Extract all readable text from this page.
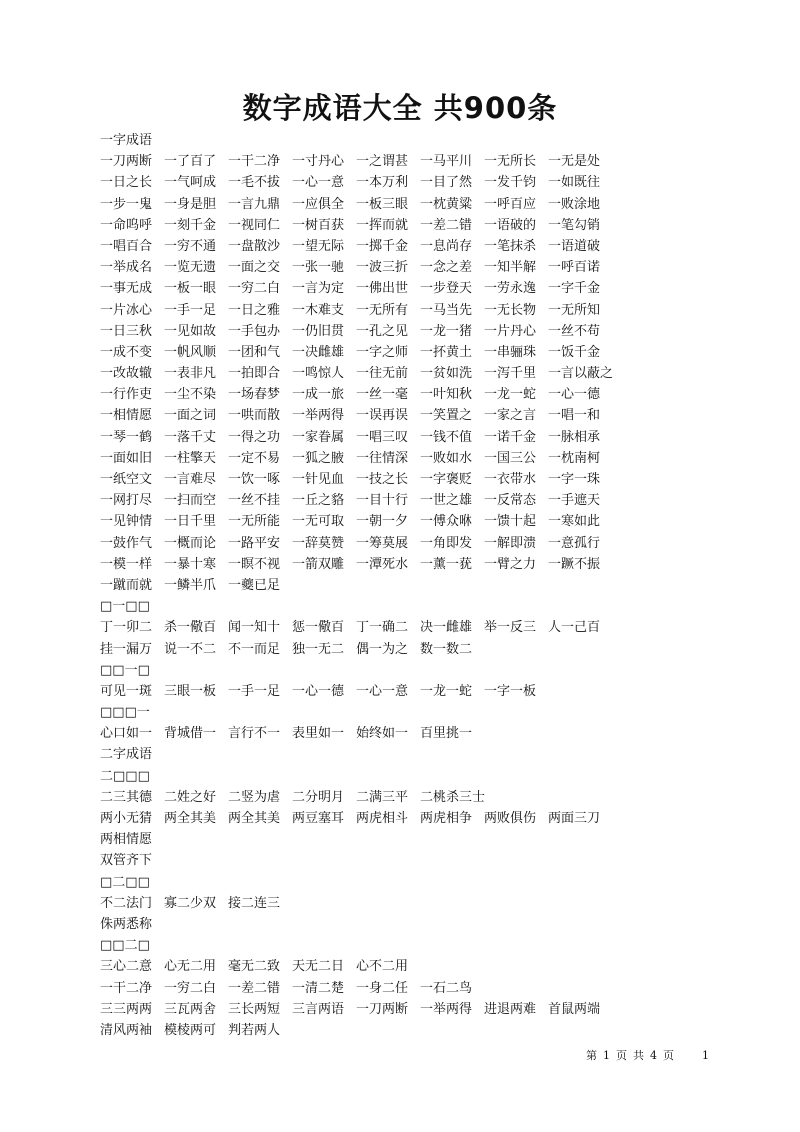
数字成语大全 共900条
一字成语
一刀两断 一了百了 一干二净 一寸丹心 一之谓甚 一马平川 一无所长 一无是处
一日之长 一气呵成 一毛不拔 一心一意 一本万利 一目了然 一发千钧 一如既往
一步一鬼 一身是胆 一言九鼎 一应俱全 一板三眼 一枕黄粱 一呼百应 一败涂地
一命呜呼 一刻千金 一视同仁 一树百获 一挥而就 一差二错 一语破的 一笔勾销
一唱百合 一穷不通 一盘散沙 一望无际 一掷千金 一息尚存 一笔抹杀 一语道破
一举成名 一览无遗 一面之交 一张一驰 一波三折 一念之差 一知半解 一呼百诺
一事无成 一板一眼 一穷二白 一言为定 一佛出世 一步登天 一劳永逸 一字千金
一片冰心 一手一足 一日之雅 一木难支 一无所有 一马当先 一无长物 一无所知
一日三秋 一见如故 一手包办 一仍旧贯 一孔之见 一龙一猪 一片丹心 一丝不苟
一成不变 一帆风顺 一团和气 一决雌雄 一字之师 一抔黄土 一串骊珠 一饭千金
一改故辙 一表非凡 一拍即合 一鸣惊人 一往无前 一贫如洗 一泻千里 一言以蔽之
一行作吏 一尘不染 一场春梦 一成一旅 一丝一毫 一叶知秋 一龙一蛇 一心一德
一相情愿 一面之词 一哄而散 一举两得 一误再误 一笑置之 一家之言 一唱一和
一琴一鹤 一落千丈 一得之功 一家眷属 一唱三叹 一钱不值 一诺千金 一脉相承
一面如旧 一柱擎天 一定不易 一狐之腋 一往情深 一败如水 一国三公 一枕南柯
一纸空文 一言难尽 一饮一啄 一针见血 一技之长 一字褒贬 一衣带水 一字一珠
一网打尽 一扫而空 一丝不挂 一丘之貉 一目十行 一世之雄 一反常态 一手遮天
一见钟情 一日千里 一无所能 一无可取 一朝一夕 一傅众咻 一馈十起 一寒如此
一鼓作气 一概而论 一路平安 一辞莫赞 一筹莫展 一角即发 一解即溃 一意孤行
一模一样 一暴十寒 一瞑不视 一箭双雕 一潭死水 一薰一莸 一臂之力 一蹶不振
一蹴而就 一鳞半爪 一夔已足
□一□□
丁一卯二 杀一儆百 闻一知十 惩一儆百 丁一确二 决一雌雄 举一反三 人一己百
挂一漏万 说一不二 不一而足 独一无二 偶一为之 数一数二
□□一□
可见一斑 三眼一板 一手一足 一心一德 一心一意 一龙一蛇 一字一板
□□□一
心口如一 背城借一 言行不一 表里如一 始终如一 百里挑一
二字成语
二□□□
二三其德 二姓之好 二竖为虐 二分明月 二满三平 二桃杀三士
两小无猜 两全其美 两全其美 两豆塞耳 两虎相斗 两虎相争 两败俱伤 两面三刀
两相情愿
双管齐下
□二□□
不二法门 寡二少双 接二连三
侏两悉称
□□二□
三心二意 心无二用 毫无二致 天无二日 心不二用
一干二净 一穷二白 一差二错 一清二楚 一身二任 一石二鸟
三三两两 三瓦两舍 三长两短 三言两语 一刀两断 一举两得 进退两难 首鼠两端
清风两袖 模棱两可 判若两人
第 1 页 共 4 页	1
